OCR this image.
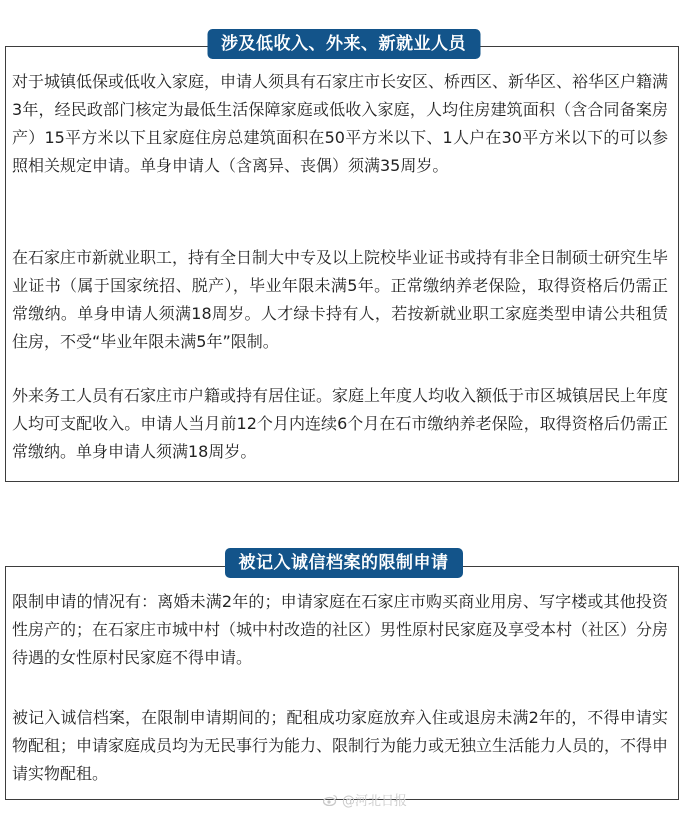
涉及低收入、外来、新就业人员

对于城镇低保或低收入家庭，申请人须具有石家庄市长安区、桥西区、新华区、裕华区户籍满3年，经民政部门核定为最低生活保障家庭或低收入家庭，人均住房建筑面积（含合同备案房产）15平方米以下且家庭住房总建筑面积在50平方米以下、1人户在30平方米以下的可以参照相关规定申请。单身申请人（含离异、丧偶）须满35周岁。

在石家庄市新就业职工，持有全日制大中专及以上院校毕业证书或持有非全日制硕士研究生毕业证书（属于国家统招、脱产），毕业年限未满5年。正常缴纳养老保险，取得资格后仍需正常缴纳。单身申请人须满18周岁。人才绿卡持有人，若按新就业职工家庭类型申请公共租赁住房，不受“毕业年限未满5年”限制。

外来务工人员有石家庄市户籍或持有居住证。家庭上年度人均收入额低于市区城镇居民上年度人均可支配收入。申请人当月前12个月内连续6个月在石市缴纳养老保险，取得资格后仍需正常缴纳。单身申请人须满18周岁。

被记入诚信档案的限制申请

限制申请的情况有：离婚未满2年的；申请家庭在石家庄市购买商业用房、写字楼或其他投资性房产的；在石家庄市城中村（城中村改造的社区）男性原村民家庭及享受本村（社区）分房待遇的女性原村民家庭不得申请。

被记入诚信档案，在限制申请期间的；配租成功家庭放弃入住或退房未满2年的，不得申请实物配租；申请家庭成员均为无民事行为能力、限制行为能力或无独立生活能力人员的，不得申请实物配租。

@河北日报
